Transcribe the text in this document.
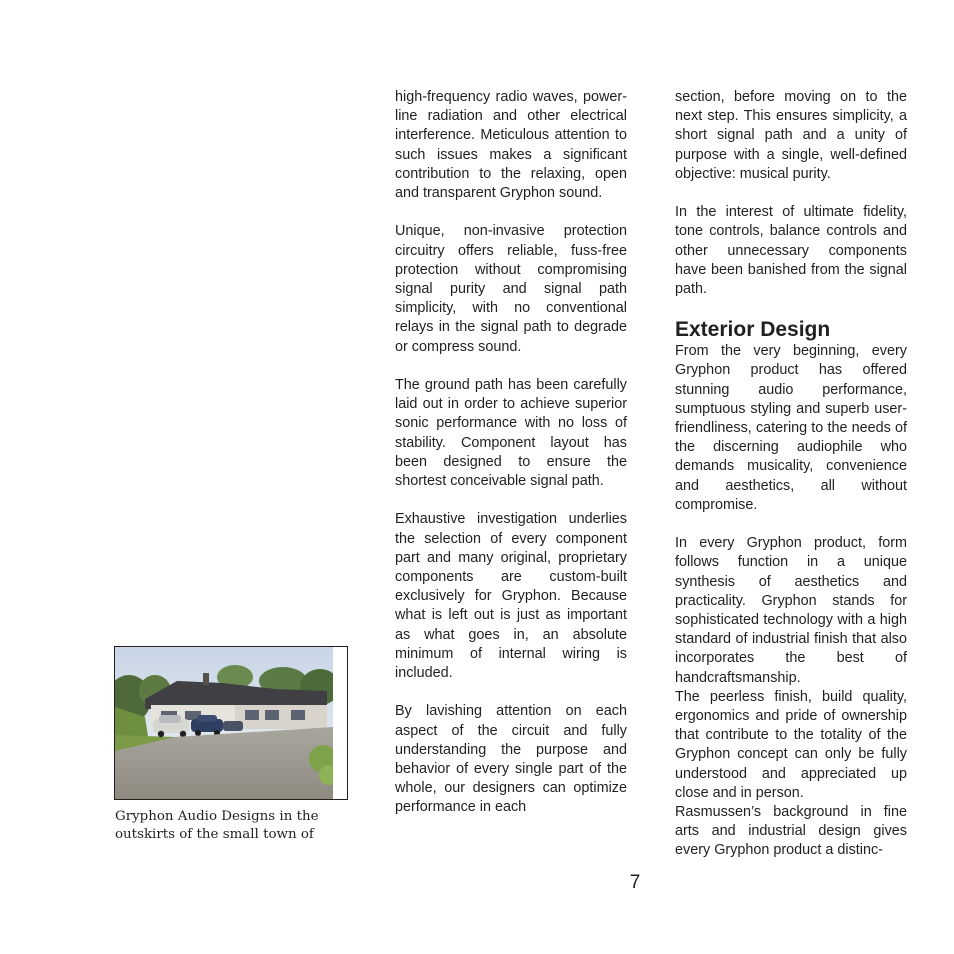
Gryphon Audio Designs in the outskirts of the small town of

high-frequency radio waves, power-line radiation and other electrical interference. Meticulous attention to such issues makes a significant contribution to the relaxing, open and transparent Gryphon sound.

Unique, non-invasive protection circuitry offers reliable, fuss-free protection without compromising signal purity and signal path simplicity, with no conventional relays in the signal path to degrade or compress sound.

The ground path has been carefully laid out in order to achieve superior sonic performance with no loss of stability. Component layout has been designed to ensure the shortest conceivable signal path.

Exhaustive investigation underlies the selection of every component part and many original, proprietary components are custom-built exclusively for Gryphon. Because what is left out is just as important as what goes in, an absolute minimum of internal wiring is included.

By lavishing attention on each aspect of the circuit and fully understanding the purpose and behavior of every single part of the whole, our designers can optimize performance in each

section, before moving on to the next step. This ensures simplicity, a short signal path and a unity of purpose with a single, well-defined objective: musical purity.

In the interest of ultimate fidelity, tone controls, balance controls and other unnecessary components have been banished from the signal path.

Exterior Design

From the very beginning, every Gryphon product has offered stunning audio performance, sumptuous styling and superb user-friendliness, catering to the needs of the discerning audiophile who demands musicality, convenience and aesthetics, all without compromise.

In every Gryphon product, form follows function in a unique synthesis of aesthetics and practicality. Gryphon stands for sophisticated technology with a high standard of industrial finish that also incorporates the best of handcraftsmanship.

The peerless finish, build quality, ergonomics and pride of ownership that contribute to the totality of the Gryphon concept can only be fully understood and appreciated up close and in person.

Rasmussen’s background in fine arts and industrial design gives every Gryphon product a distinc-

7
